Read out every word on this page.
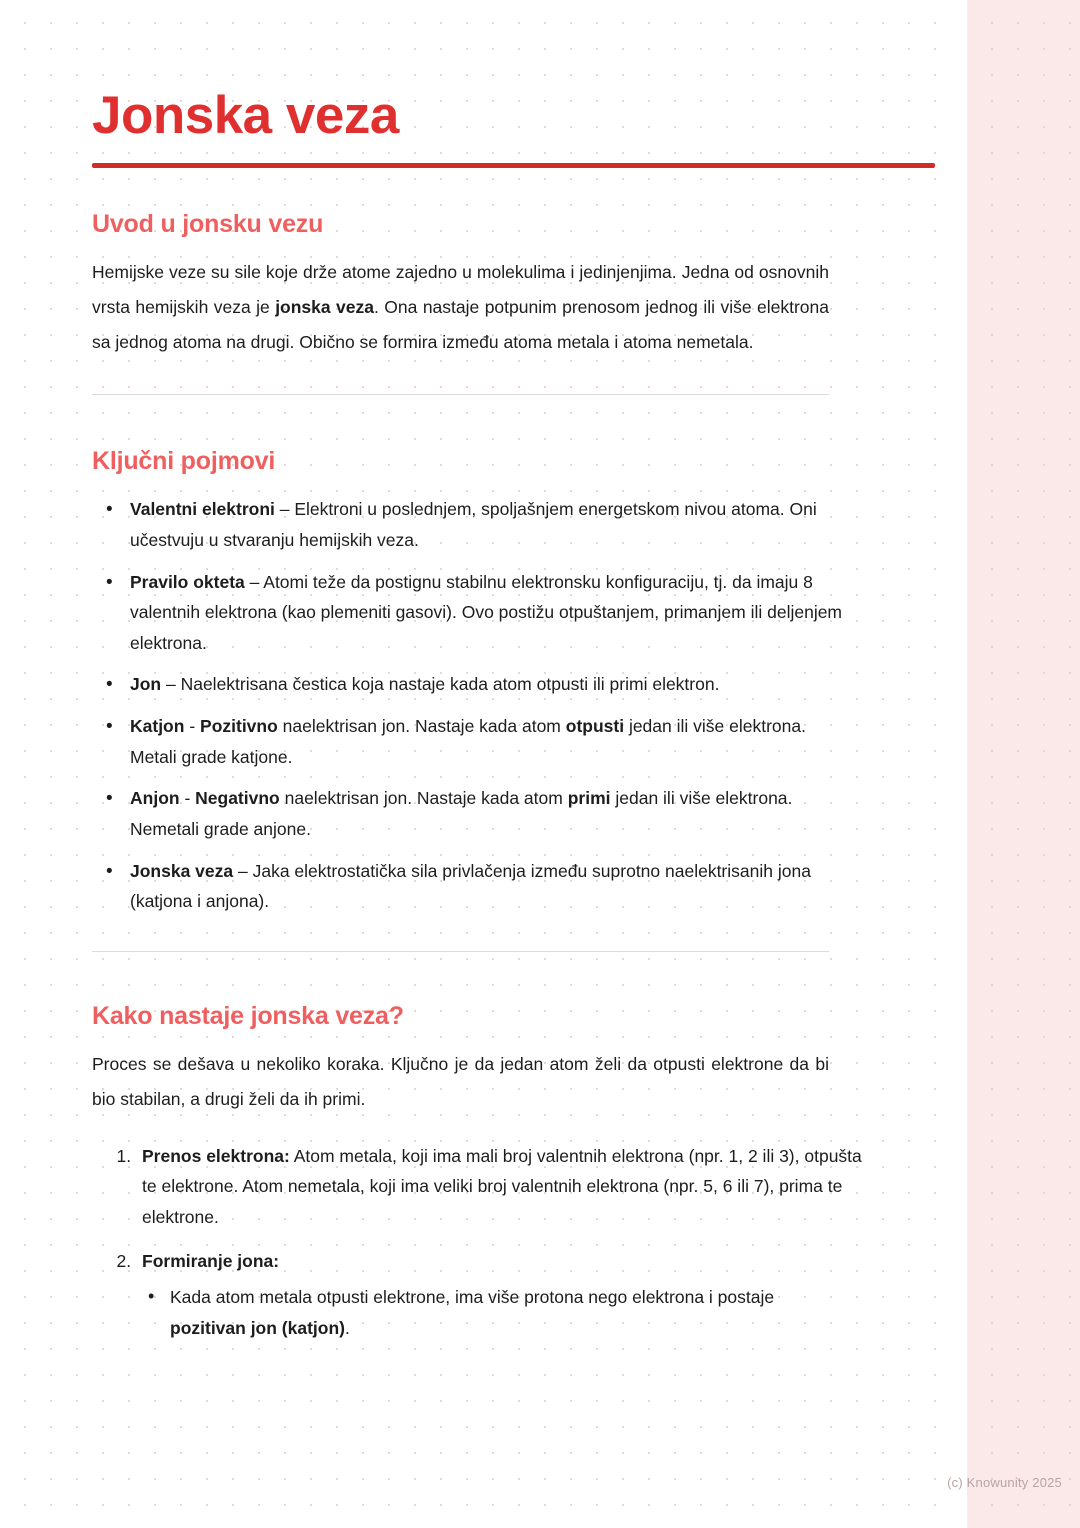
Jonska veza
Uvod u jonsku vezu

Hemijske veze su sile koje drže atome zajedno u molekulima i jedinjenjima. Jedna od osnovnih vrsta hemijskih veza je jonska veza. Ona nastaje potpunim prenosom jednog ili više elektrona sa jednog atoma na drugi. Obično se formira između atoma metala i atoma nemetala.

Ključni pojmovi
• Valentni elektroni – Elektroni u poslednjem, spoljašnjem energetskom nivou atoma. Oni učestvuju u stvaranju hemijskih veza.
• Pravilo okteta – Atomi teže da postignu stabilnu elektronsku konfiguraciju, tj. da imaju 8 valentnih elektrona (kao plemeniti gasovi). Ovo postižu otpuštanjem, primanjem ili deljenjem elektrona.
• Jon – Naelektrisana čestica koja nastaje kada atom otpusti ili primi elektron.
• Katjon - Pozitivno naelektrisan jon. Nastaje kada atom otpusti jedan ili više elektrona. Metali grade katjone.
• Anjon - Negativno naelektrisan jon. Nastaje kada atom primi jedan ili više elektrona. Nemetali grade anjone.
• Jonska veza – Jaka elektrostatička sila privlačenja između suprotno naelektrisanih jona (katjona i anjona).
Kako nastaje jonska veza?

Proces se dešava u nekoliko koraka. Ključno je da jedan atom želi da otpusti elektrone da bi bio stabilan, a drugi želi da ih primi.

1. Prenos elektrona: Atom metala, koji ima mali broj valentnih elektrona (npr. 1, 2 ili 3), otpušta te elektrone. Atom nemetala, koji ima veliki broj valentnih elektrona (npr. 5, 6 ili 7), prima te elektrone.
2. Formiranje jona:
• Kada atom metala otpusti elektrone, ima više protona nego elektrona i postaje pozitivan jon (katjon).
(c) Knowunity 2025
